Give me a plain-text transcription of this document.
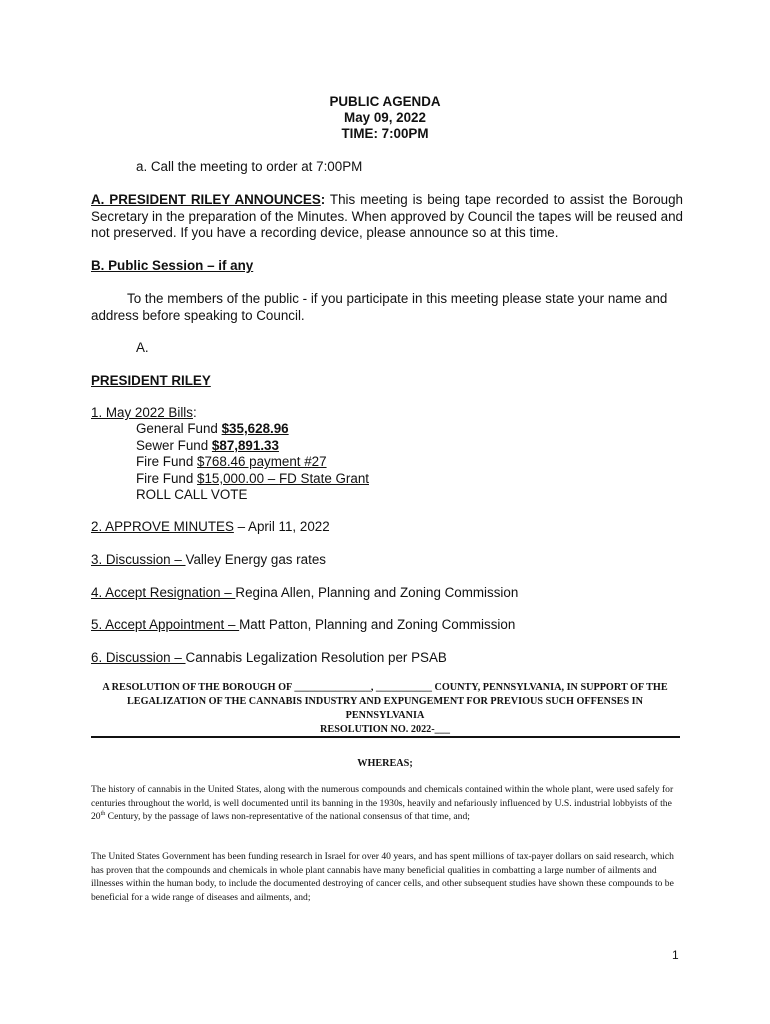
PUBLIC AGENDA
May 09, 2022
TIME: 7:00PM
a. Call the meeting to order at 7:00PM
A. PRESIDENT RILEY ANNOUNCES: This meeting is being tape recorded to assist the Borough Secretary in the preparation of the Minutes. When approved by Council the tapes will be reused and not preserved. If you have a recording device, please announce so at this time.
B. Public Session – if any
To the members of the public - if you participate in this meeting please state your name and address before speaking to Council.
A.
PRESIDENT RILEY
1. May 2022 Bills:
General Fund $35,628.96
Sewer Fund $87,891.33
Fire Fund $768.46 payment #27
Fire Fund $15,000.00 – FD State Grant
ROLL CALL VOTE
2. APPROVE MINUTES – April 11, 2022
3. Discussion – Valley Energy gas rates
4. Accept Resignation – Regina Allen, Planning and Zoning Commission
5. Accept Appointment – Matt Patton, Planning and Zoning Commission
6. Discussion – Cannabis Legalization Resolution per PSAB
A RESOLUTION OF THE BOROUGH OF _______________, ___________ COUNTY, PENNSYLVANIA, IN SUPPORT OF THE LEGALIZATION OF THE CANNABIS INDUSTRY AND EXPUNGEMENT FOR PREVIOUS SUCH OFFENSES IN PENNSYLVANIA
RESOLUTION NO. 2022-___
WHEREAS;
The history of cannabis in the United States, along with the numerous compounds and chemicals contained within the whole plant, were used safely for centuries throughout the world, is well documented until its banning in the 1930s, heavily and nefariously influenced by U.S. industrial lobbyists of the 20th Century, by the passage of laws non-representative of the national consensus of that time, and;
The United States Government has been funding research in Israel for over 40 years, and has spent millions of tax-payer dollars on said research, which has proven that the compounds and chemicals in whole plant cannabis have many beneficial qualities in combatting a large number of ailments and illnesses within the human body, to include the documented destroying of cancer cells, and other subsequent studies have shown these compounds to be beneficial for a wide range of diseases and ailments, and;
1
